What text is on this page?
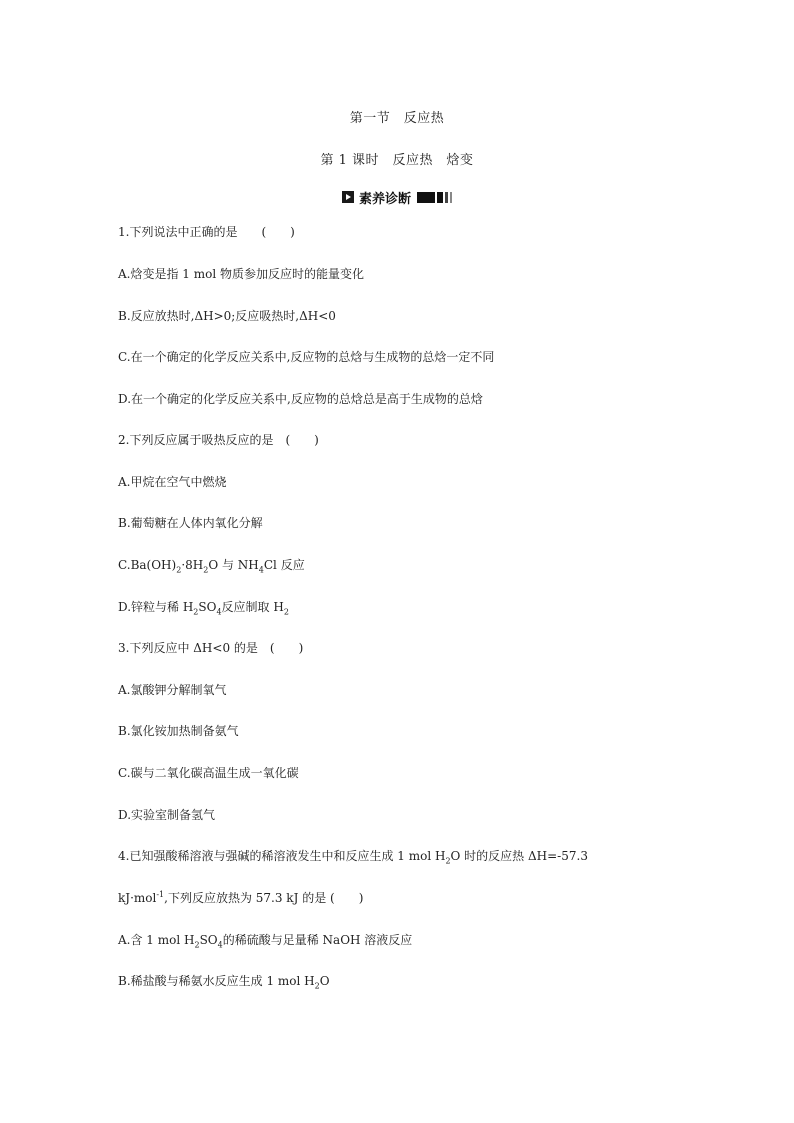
第一节　反应热
第 1 课时　反应热　焓变
素养诊断
1.下列说法中正确的是　　(　　)
A.焓变是指 1 mol 物质参加反应时的能量变化
B.反应放热时,ΔH>0;反应吸热时,ΔH<0
C.在一个确定的化学反应关系中,反应物的总焓与生成物的总焓一定不同
D.在一个确定的化学反应关系中,反应物的总焓总是高于生成物的总焓
2.下列反应属于吸热反应的是　(　　)
A.甲烷在空气中燃烧
B.葡萄糖在人体内氧化分解
$C.Ba(OH)_2\cdot 8H_2O$ 与 $NH_4Cl$ 反应
D.锌粒与稀 $H_2SO_4$反应制取 $H_2$
3.下列反应中 ΔH<0 的是　(　　)
A.氯酸钾分解制氧气
B.氯化铵加热制备氨气
C.碳与二氧化碳高温生成一氧化碳
D.实验室制备氢气
4.已知强酸稀溶液与强碱的稀溶液发生中和反应生成 1 mol $H_2O$ 时的反应热 ΔH=-57.3
kJ·mol$^{-1}$,下列反应放热为 57.3 kJ 的是 (　　)
A.含 1 mol $H_2SO_4$的稀硫酸与足量稀 NaOH 溶液反应
B.稀盐酸与稀氨水反应生成 1 mol $H_2O$
